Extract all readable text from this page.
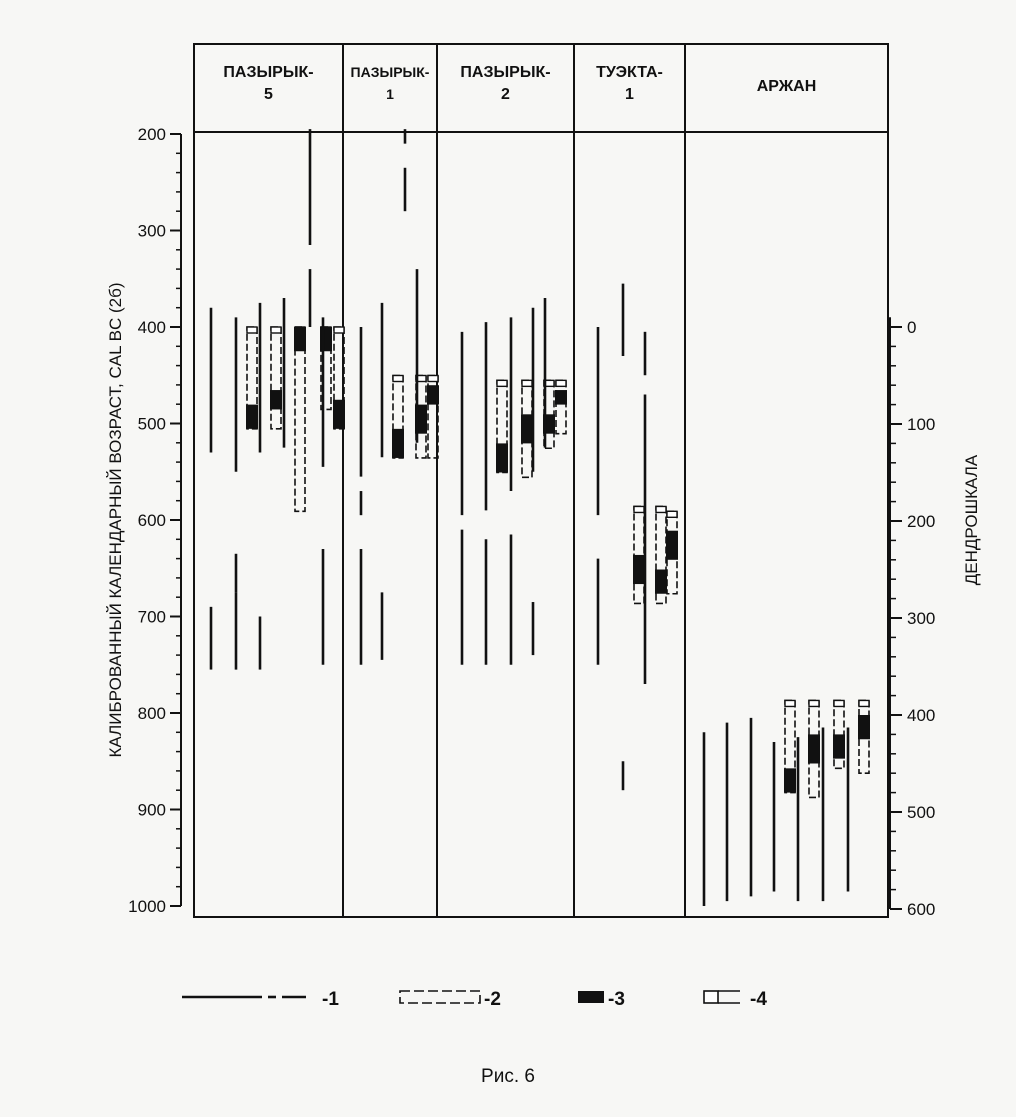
ПАЗЫРЫК-
5
ПАЗЫРЫК-
1
ПАЗЫРЫК-
2
ТУЭКТА-
1	АРЖАН
200
300
400
500
600
700
800
900
1000
0
100
200
300
400
500
600
-1	-2	-3	-4
КАЛИБРОВАННЫЙ КАЛЕНДАРНЫЙ ВОЗРАСТ, CAL BC (2б)	ДЕНДРОШКАЛА
Рис. 6
